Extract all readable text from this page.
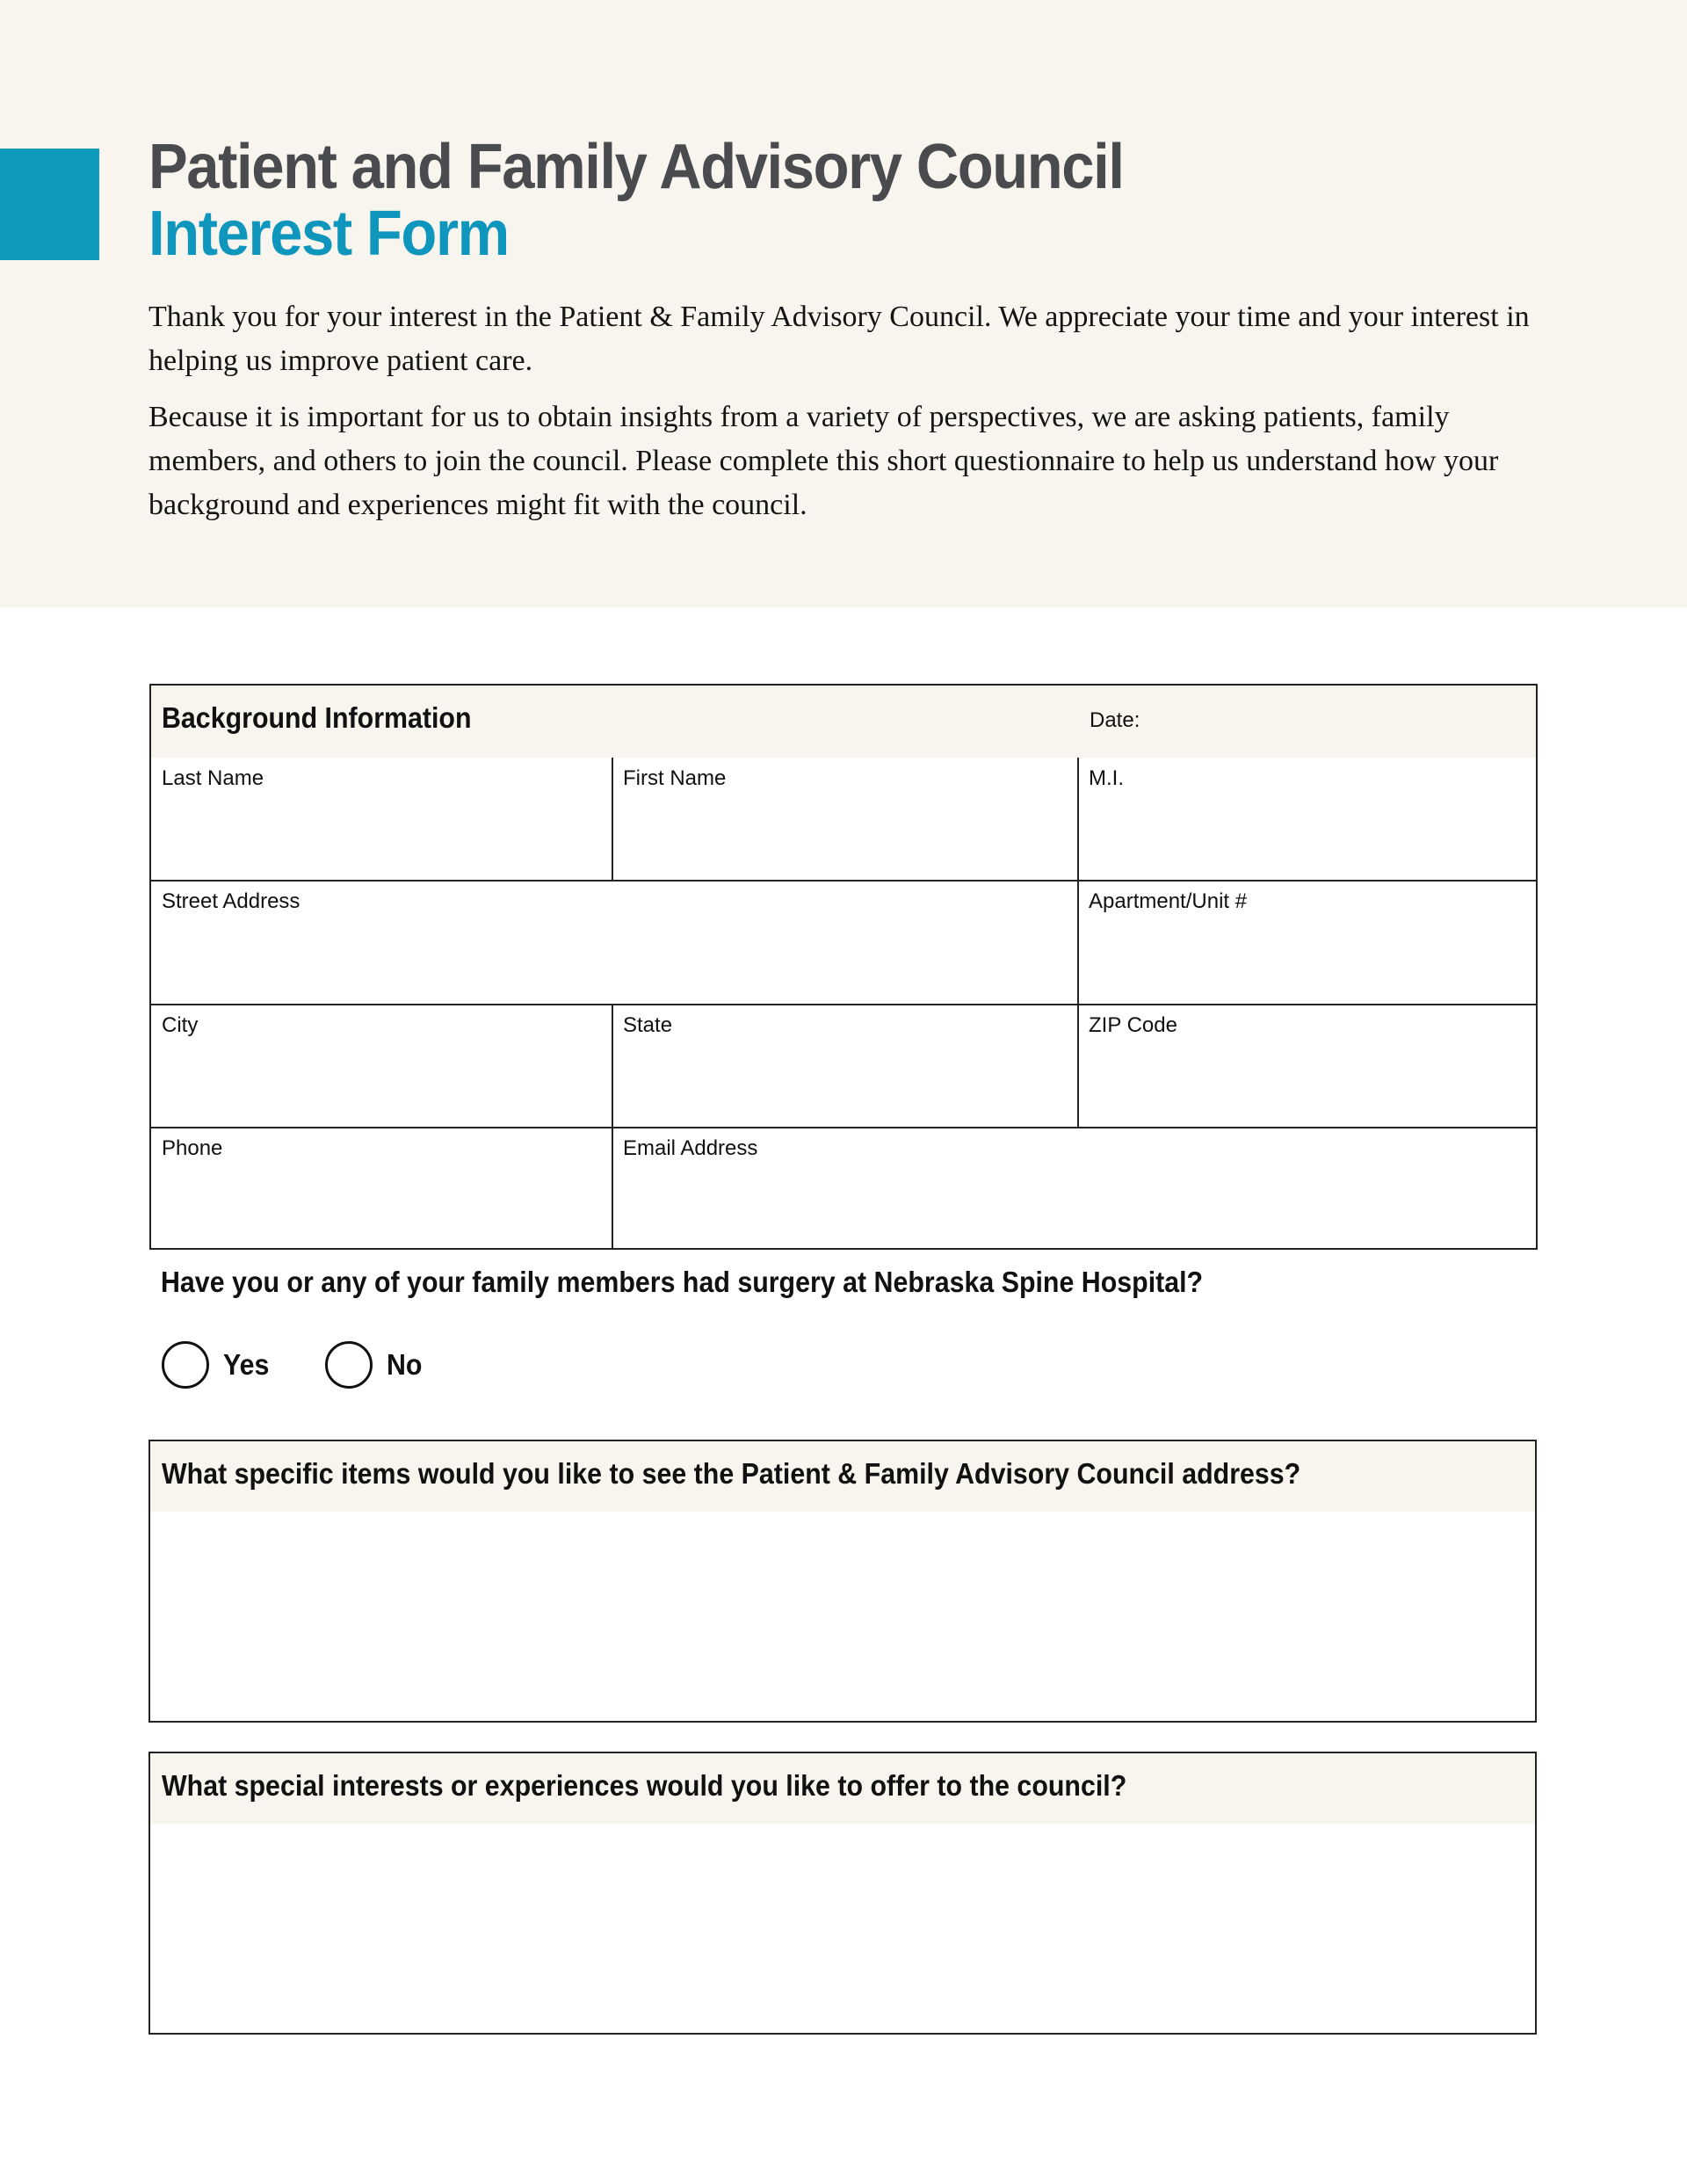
Patient and Family Advisory Council
Interest Form

Thank you for your interest in the Patient & Family Advisory Council. We appreciate your time and your interest in helping us improve patient care.

Because it is important for us to obtain insights from a variety of perspectives, we are asking patients, family members, and others to join the council. Please complete this short questionnaire to help us understand how your background and experiences might fit with the council.

Background Information	Date:
Last Name	First Name	M.I.
Street Address	Apartment/Unit #
City	State	ZIP Code
Phone	Email Address
Have you or any of your family members had surgery at Nebraska Spine Hospital?
Yes	No
What specific items would you like to see the Patient & Family Advisory Council address?
What special interests or experiences would you like to offer to the council?
